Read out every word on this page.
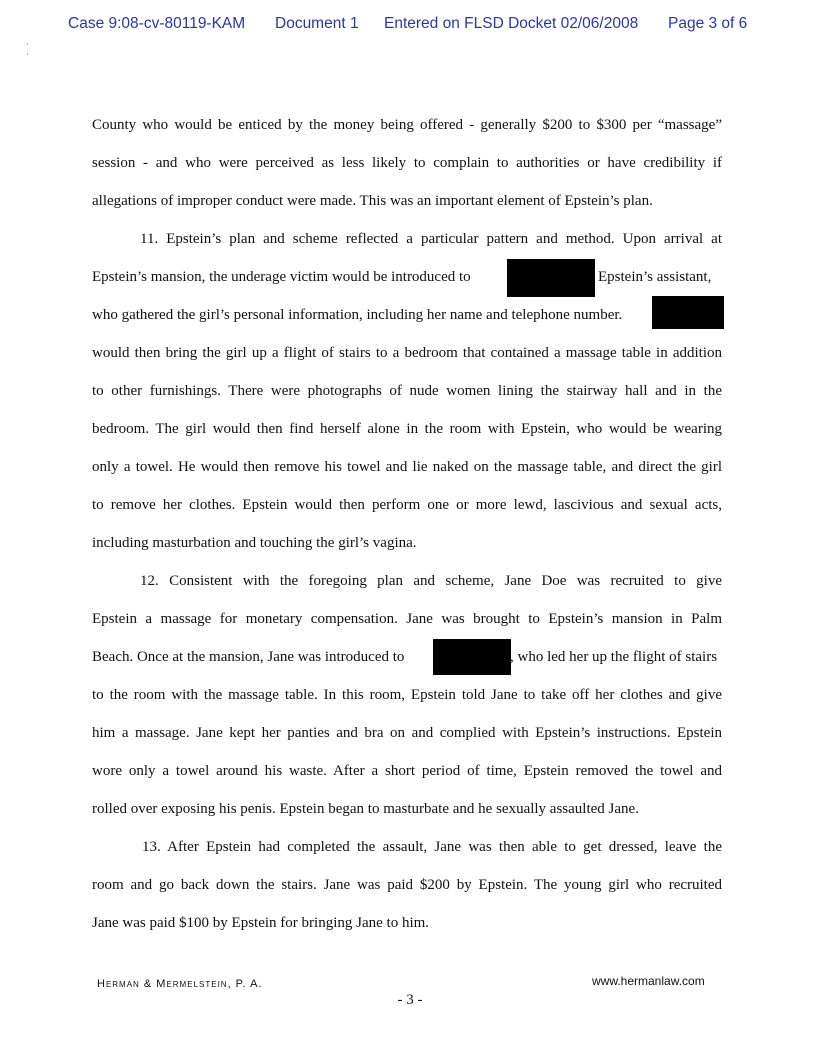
Case 9:08-cv-80119-KAM Document 1 Entered on FLSD Docket 02/06/2008 Page 3 of 6
·
⋅
County who would be enticed by the money being offered - generally $200 to $300 per “massage”
session - and who were perceived as less likely to complain to authorities or have credibility if
allegations of improper conduct were made. This was an important element of Epstein’s plan.
11. Epstein’s plan and scheme reflected a particular pattern and method. Upon arrival at
Epstein’s mansion, the underage victim would be introduced to	Epstein’s assistant,
who gathered the girl’s personal information, including her name and telephone number.
would then bring the girl up a flight of stairs to a bedroom that contained a massage table in addition
to other furnishings. There were photographs of nude women lining the stairway hall and in the
bedroom. The girl would then find herself alone in the room with Epstein, who would be wearing
only a towel. He would then remove his towel and lie naked on the massage table, and direct the girl
to remove her clothes. Epstein would then perform one or more lewd, lascivious and sexual acts,
including masturbation and touching the girl’s vagina.
12. Consistent with the foregoing plan and scheme, Jane Doe was recruited to give
Epstein a massage for monetary compensation. Jane was brought to Epstein’s mansion in Palm
Beach. Once at the mansion, Jane was introduced to	, who led her up the flight of stairs
to the room with the massage table. In this room, Epstein told Jane to take off her clothes and give
him a massage. Jane kept her panties and bra on and complied with Epstein’s instructions. Epstein
wore only a towel around his waste. After a short period of time, Epstein removed the towel and
rolled over exposing his penis. Epstein began to masturbate and he sexually assaulted Jane.
13. After Epstein had completed the assault, Jane was then able to get dressed, leave the
room and go back down the stairs. Jane was paid $200 by Epstein. The young girl who recruited
Jane was paid $100 by Epstein for bringing Jane to him.
Herman & Mermelstein, P. A.	www.hermanlaw.com
- 3 -
